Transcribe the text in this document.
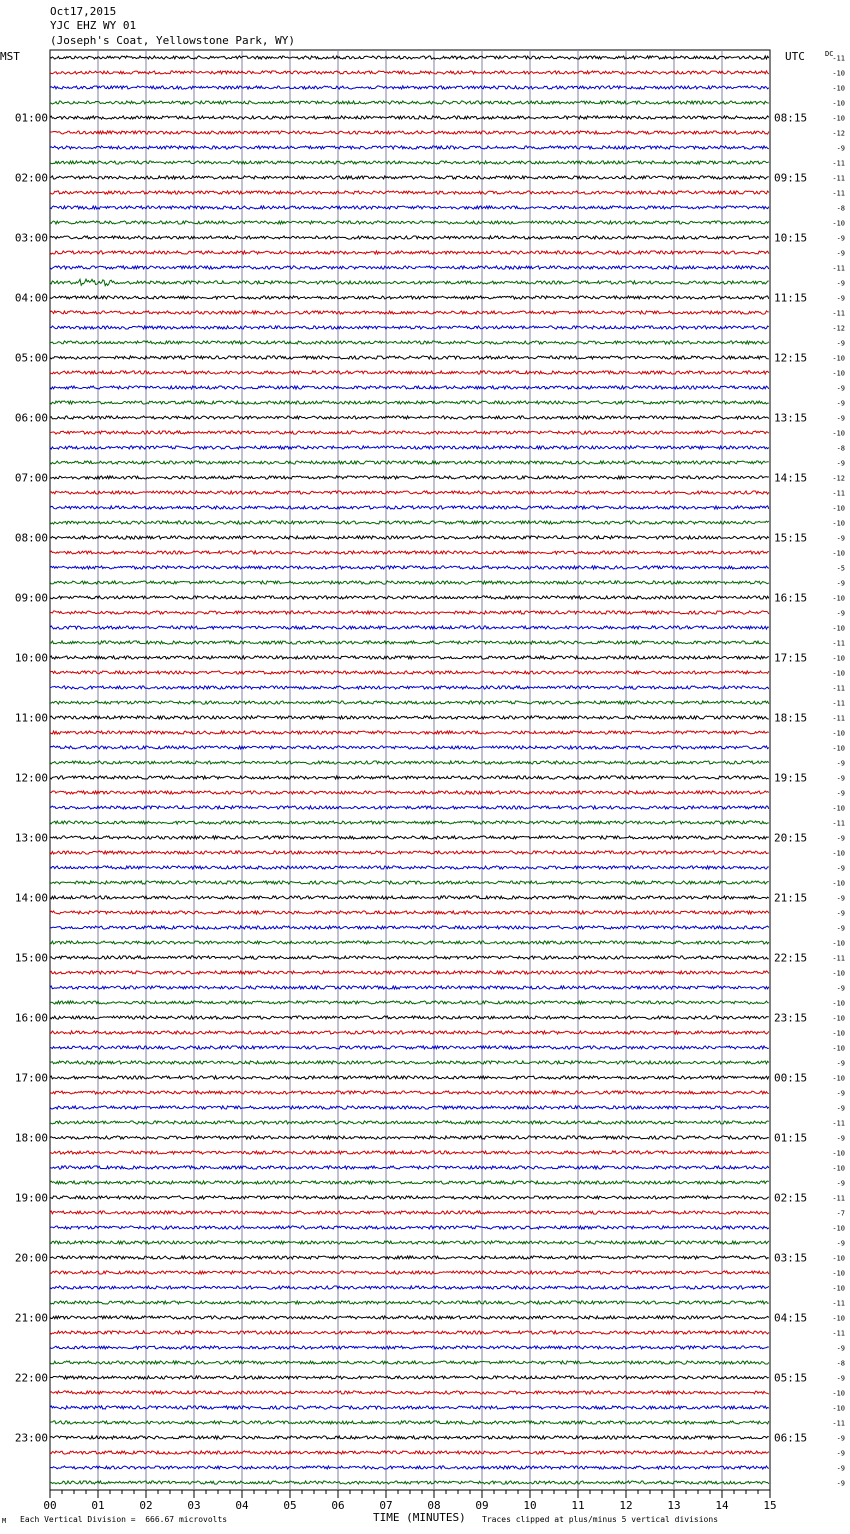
Oct17,2015
YJC EHZ WY 01
(Joseph's Coat, Yellowstone Park, WY)
MST	UTC	DC
-11
-10
-10
-10
-10
-12
-9
-11
-11
-11
-8
-10
-9
-9
-11
-9
-9
-11
-12
-9
-10
-10
-9
-9
-9
-10
-8
-9
-12
-11
-10
-10
-9
-10
-5
-9
-10
-9
-10
-11
-10
-10
-11
-11
-11
-10
-10
-9
-9
-9
-10
-11
-9
-10
-9
-10
-9
-9
-9
-10
-11
-10
-9
-10
-10
-10
-10
-9
-10
-9
-9
-11
-9
-10
-10
-9
-11
-7
-10
-9
-10
-10
-10
-11
-10
-11
-9
-8
-9
-10
-10
-11
-9
-9
-9
-9
01:00
02:00
03:00
04:00
05:00
06:00
07:00
08:00
09:00
10:00
11:00
12:00
13:00
14:00
15:00
16:00
17:00
18:00
19:00
20:00
21:00
22:00
23:00
08:15
09:15
10:15
11:15
12:15
13:15
14:15
15:15
16:15
17:15
18:15
19:15
20:15
21:15
22:15
23:15
00:15
01:15
02:15
03:15
04:15
05:15
06:15
00	01	02	03	04	05	06	07	08	09	10	11	12	13	14	15
M Each Vertical Division =  666.67 microvolts	TIME (MINUTES) Traces clipped at plus/minus 5 vertical divisions
